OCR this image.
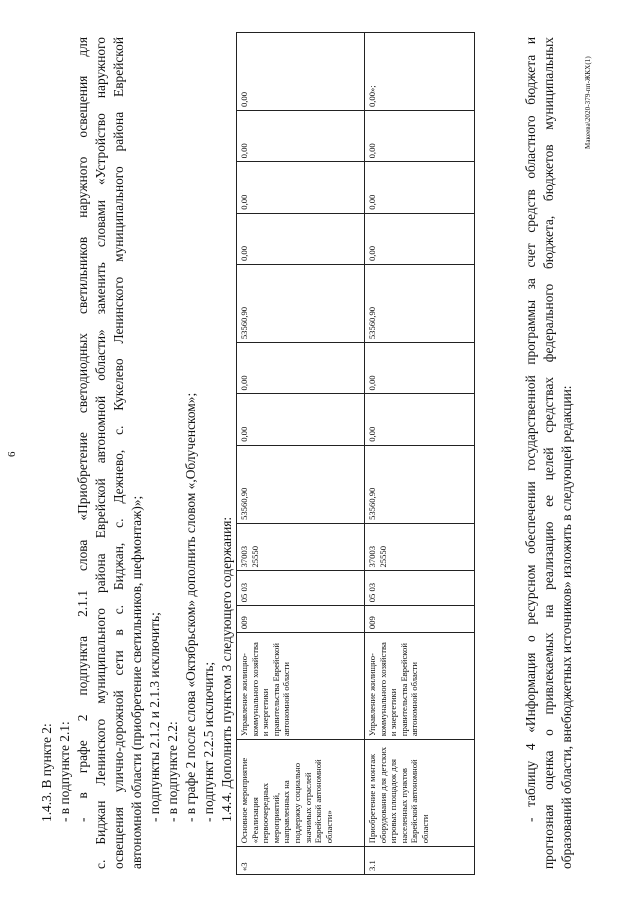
6
1.4.3. В пункте 2: - в подпункте 2.1: - в графе 2 подпункта 2.1.1 слова «Приобретение светодиодных светильников наружного освещения для с. Биджан Ленинского муниципального района Еврейской автономной области» заменить словами «Устройство наружного освещения улично-дорожной сети в с. Биджан, с. Дежнево, с. Кукелево Ленинского муниципального района Еврейской автономной области (приобретение светильников, шефмонтаж)»; - подпункты 2.1.2 и 2.1.3 исключить; - в подпункте 2.2: - в графе 2 после слова «Октябрьском» дополнить словом «,Облученском»; - подпункт 2.2.5 исключить; 1.4.4. Дополнить пунктом 3 следующего содержания:
«3	Основное мероприятие «Реализация первоочередных мероприятий, направленных на поддержку социально значимых отраслей Еврейской автономной области»	Управление жилищно-коммунального хозяйства и энергетики правительства Еврейской автономной области	009	05 03	37003 25550	53560,90	0,00	0,00	53560,90	0,00	0,00	0,00	0,00
3.1	Приобретение и монтаж оборудования для детских игровых площадок для населенных пунктов Еврейской автономной области	Управление жилищно-коммунального хозяйства и энергетики правительства Еврейской автономной области	009	05 03	37003 25550	53560,90	0,00	0,00	53560,90	0,00	0,00	0,00	0,00»;	- таблицу 4 «Информация о ресурсном обеспечении государственной программы за счет средств областного бюджета и прогнозная оценка о привлекаемых на реализацию ее целей средствах федерального бюджета, бюджетов муниципальных образований области, внебюджетных источников» изложить в следующей редакции:
Макеева\2020-379-пп-ЖКХ(1)
